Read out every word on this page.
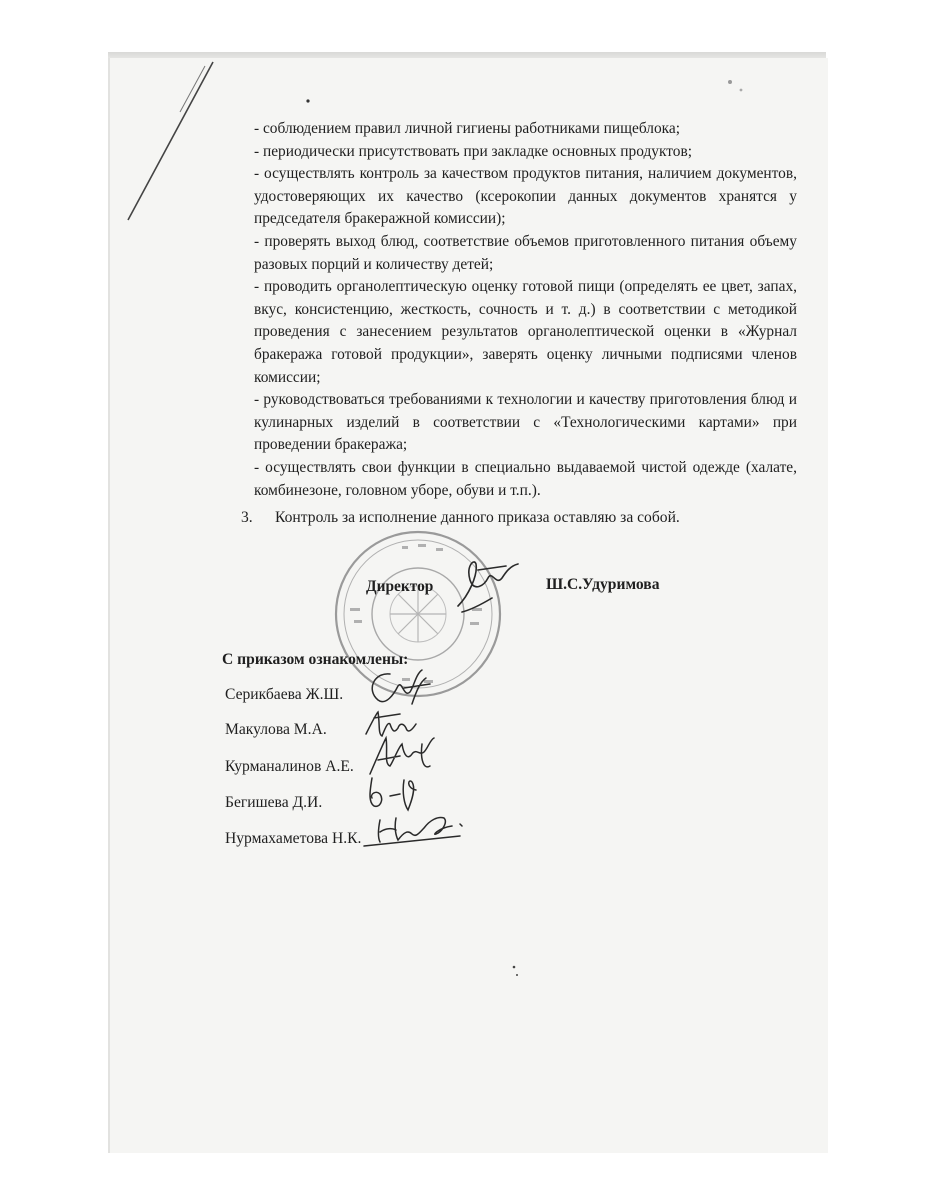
- соблюдением правил личной гигиены работниками пищеблока;

- периодически присутствовать при закладке основных продуктов;

- осуществлять контроль за качеством продуктов питания, наличием документов, удостоверяющих их качество (ксерокопии данных документов хранятся у председателя бракеражной комиссии);

- проверять выход блюд, соответствие объемов приготовленного питания объему разовых порций и количеству детей;

- проводить органолептическую оценку готовой пищи (определять ее цвет, запах, вкус, консистенцию, жесткость, сочность и т. д.) в соответствии с методикой проведения с занесением результатов органолептической оценки в «Журнал бракеража готовой продукции», заверять оценку личными подписями членов комиссии;

- руководствоваться требованиями к технологии и качеству приготовления блюд и кулинарных изделий в соответствии с «Технологическими картами» при проведении бракеража;

- осуществлять свои функции в специально выдаваемой чистой одежде (халате, комбинезоне, головном уборе, обуви и т.п.).

3. Контроль за исполнение данного приказа оставляю за собой.
Директор	Ш.С.Удуримова
С приказом ознакомлены:
Серикбаева Ж.Ш.
Макулова М.А.
Курманалинов А.Е.
Бегишева Д.И.
Нурмахаметова Н.К.
